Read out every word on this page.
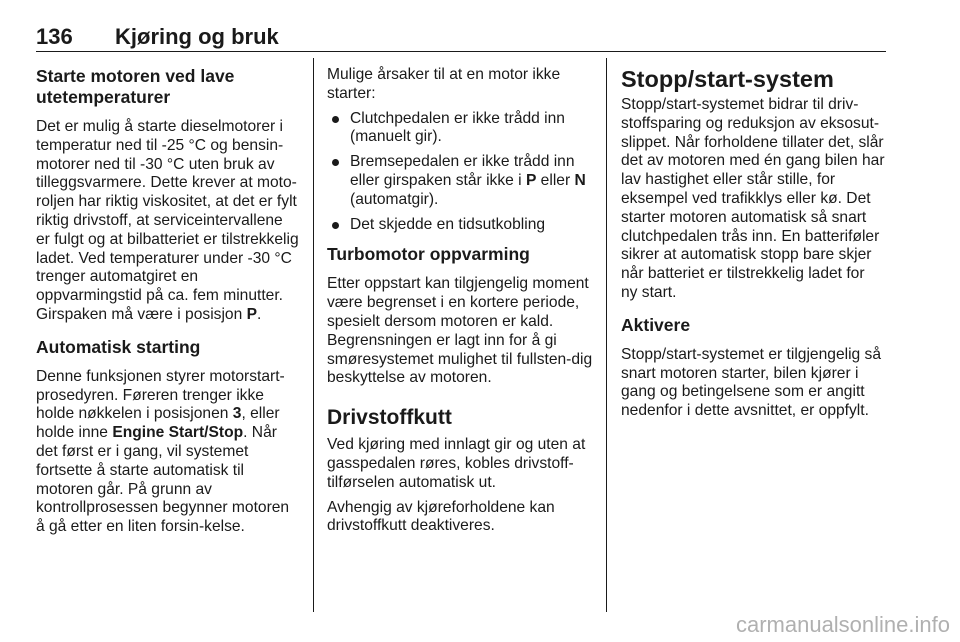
136 Kjøring og bruk
Starte motoren ved lave utetemperaturer

Det er mulig å starte dieselmotorer i temperatur ned til -25 °C og bensin-motorer ned til -30 °C uten bruk av tilleggsvarmere. Dette krever at moto-roljen har riktig viskositet, at det er fylt riktig drivstoff, at serviceintervallene er fulgt og at bilbatteriet er tilstrekkelig ladet. Ved temperaturer under -30 °C trenger automatgiret en oppvarmingstid på ca. fem minutter. Girspaken må være i posisjon P.

Automatisk starting

Denne funksjonen styrer motorstart-prosedyren. Føreren trenger ikke holde nøkkelen i posisjonen 3, eller holde inne Engine Start/Stop. Når det først er i gang, vil systemet fortsette å starte automatisk til motoren går. På grunn av kontrollprosessen begynner motoren å gå etter en liten forsin-kelse.

Mulige årsaker til at en motor ikke starter:

Clutchpedalen er ikke trådd inn (manuelt gir).
Bremsepedalen er ikke trådd inn eller girspaken står ikke i P eller N (automatgir).
Det skjedde en tidsutkobling
Turbomotor oppvarming

Etter oppstart kan tilgjengelig moment være begrenset i en kortere periode, spesielt dersom motoren er kald. Begrensningen er lagt inn for å gi smøresystemet mulighet til fullsten-dig beskyttelse av motoren.

Drivstoffkutt

Ved kjøring med innlagt gir og uten at gasspedalen røres, kobles drivstoff-tilførselen automatisk ut.

Avhengig av kjøreforholdene kan drivstoffkutt deaktiveres.

Stopp/start-system

Stopp/start-systemet bidrar til driv-stoffsparing og reduksjon av eksosut-slippet. Når forholdene tillater det, slår det av motoren med én gang bilen har lav hastighet eller står stille, for eksempel ved trafikklys eller kø. Det starter motoren automatisk så snart clutchpedalen trås inn. En batteriføler sikrer at automatisk stopp bare skjer når batteriet er tilstrekkelig ladet for ny start.

Aktivere

Stopp/start-systemet er tilgjengelig så snart motoren starter, bilen kjører i gang og betingelsene som er angitt nedenfor i dette avsnittet, er oppfylt.

carmanualsonline.info
